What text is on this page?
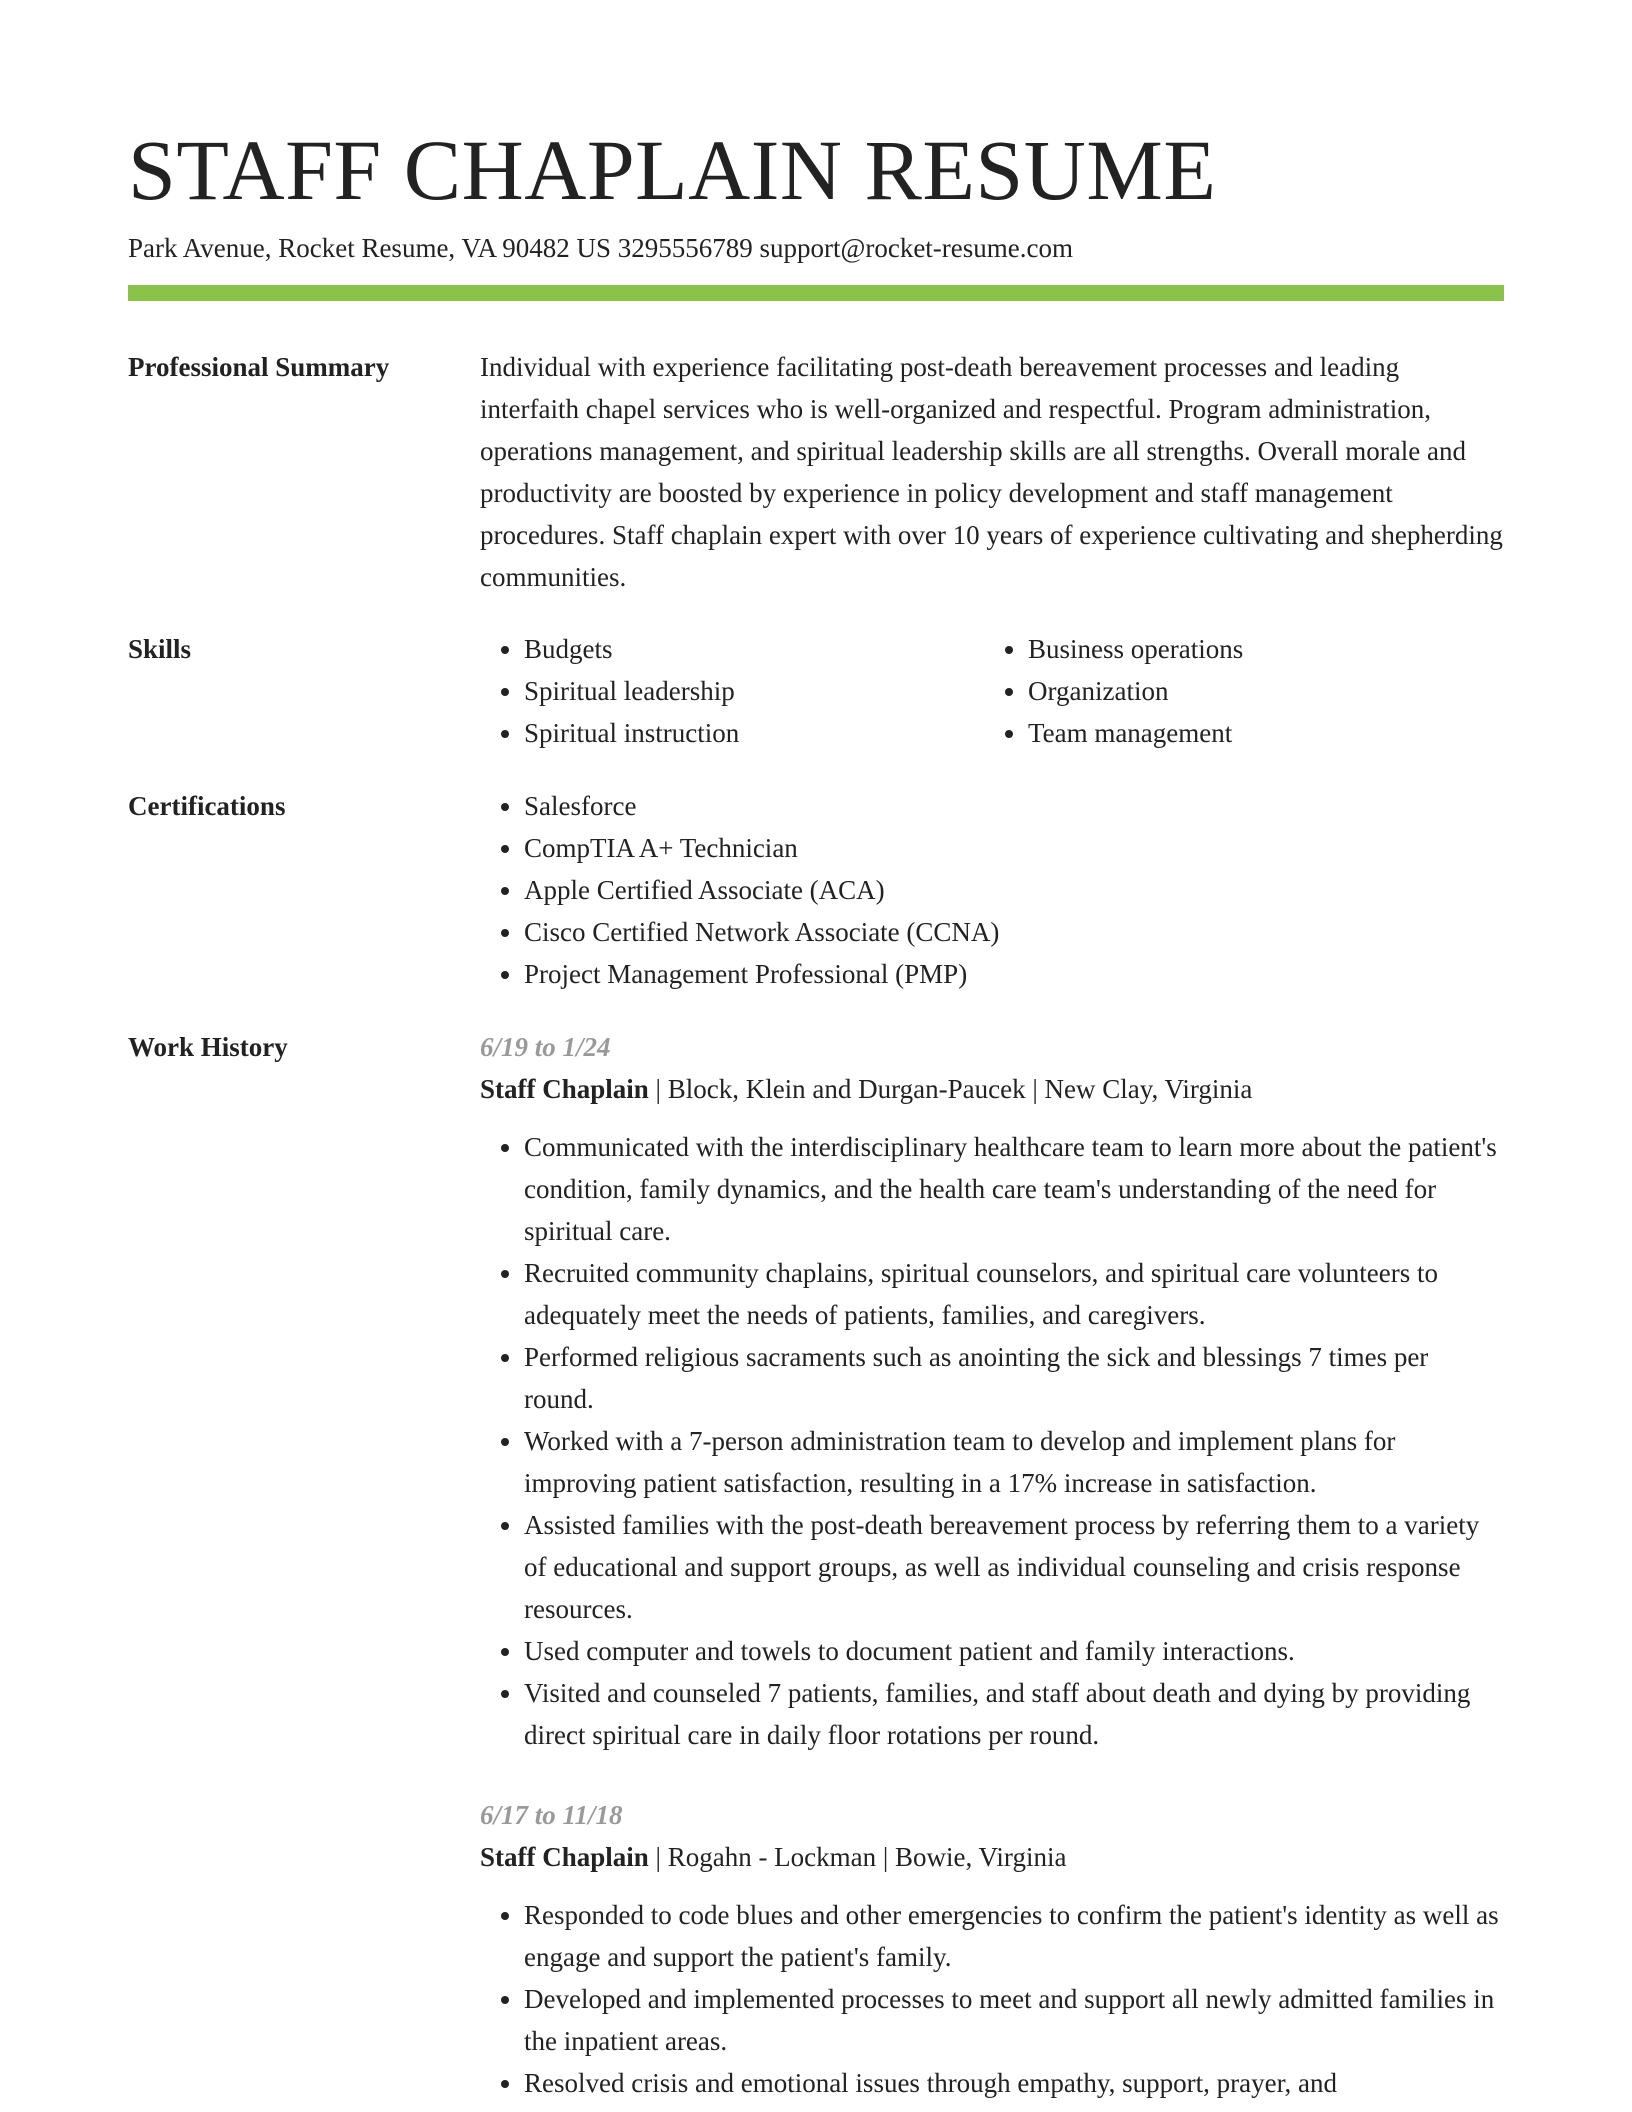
STAFF CHAPLAIN RESUME
Park Avenue, Rocket Resume, VA 90482 US 3295556789 support@rocket-resume.com
Professional Summary	Individual with experience facilitating post-death bereavement processes and leading interfaith chapel services who is well-organized and respectful. Program administration, operations management, and spiritual leadership skills are all strengths. Overall morale and productivity are boosted by experience in policy development and staff management procedures. Staff chaplain expert with over 10 years of experience cultivating and shepherding communities.

Skills	• Budgets
• Spiritual leadership
• Spiritual instruction
• Business operations
• Organization
• Team management
Certifications	• Salesforce
• CompTIA A+ Technician
• Apple Certified Associate (ACA)
• Cisco Certified Network Associate (CCNA)
• Project Management Professional (PMP)
Work History	6/19 to 1/24
Staff Chaplain | Block, Klein and Durgan-Paucek | New Clay, Virginia
• Communicated with the interdisciplinary healthcare team to learn more about the patient's condition, family dynamics, and the health care team's understanding of the need for spiritual care.
• Recruited community chaplains, spiritual counselors, and spiritual care volunteers to adequately meet the needs of patients, families, and caregivers.
• Performed religious sacraments such as anointing the sick and blessings 7 times per round.
• Worked with a 7-person administration team to develop and implement plans for improving patient satisfaction, resulting in a 17% increase in satisfaction.
• Assisted families with the post-death bereavement process by referring them to a variety of educational and support groups, as well as individual counseling and crisis response resources.
• Used computer and towels to document patient and family interactions.
• Visited and counseled 7 patients, families, and staff about death and dying by providing direct spiritual care in daily floor rotations per round.
6/17 to 11/18
Staff Chaplain | Rogahn - Lockman | Bowie, Virginia
• Responded to code blues and other emergencies to confirm the patient's identity as well as engage and support the patient's family.
• Developed and implemented processes to meet and support all newly admitted families in the inpatient areas.
• Resolved crisis and emotional issues through empathy, support, prayer, and
